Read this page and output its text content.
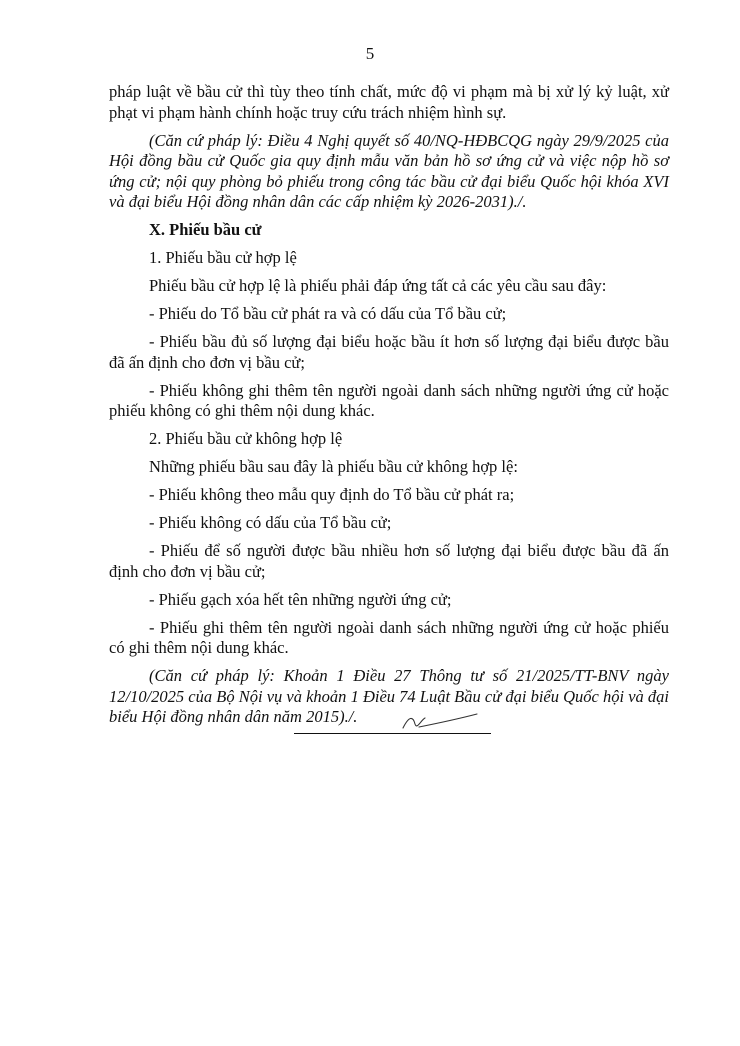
5

pháp luật về bầu cử thì tùy theo tính chất, mức độ vi phạm mà bị xử lý kỷ luật, xử phạt vi phạm hành chính hoặc truy cứu trách nhiệm hình sự.

(Căn cứ pháp lý: Điều 4 Nghị quyết số 40/NQ-HĐBCQG ngày 29/9/2025 của Hội đồng bầu cử Quốc gia quy định mẫu văn bản hồ sơ ứng cử và việc nộp hồ sơ ứng cử; nội quy phòng bỏ phiếu trong công tác bầu cử đại biểu Quốc hội khóa XVI và đại biểu Hội đồng nhân dân các cấp nhiệm kỳ 2026-2031)./.

X. Phiếu bầu cử

1. Phiếu bầu cử hợp lệ

Phiếu bầu cử hợp lệ là phiếu phải đáp ứng tất cả các yêu cầu sau đây:

- Phiếu do Tổ bầu cử phát ra và có dấu của Tổ bầu cử;

- Phiếu bầu đủ số lượng đại biểu hoặc bầu ít hơn số lượng đại biểu được bầu đã ấn định cho đơn vị bầu cử;

- Phiếu không ghi thêm tên người ngoài danh sách những người ứng cử hoặc phiếu không có ghi thêm nội dung khác.

2. Phiếu bầu cử không hợp lệ

Những phiếu bầu sau đây là phiếu bầu cử không hợp lệ:

- Phiếu không theo mẫu quy định do Tổ bầu cử phát ra;

- Phiếu không có dấu của Tổ bầu cử;

- Phiếu để số người được bầu nhiều hơn số lượng đại biểu được bầu đã ấn định cho đơn vị bầu cử;

- Phiếu gạch xóa hết tên những người ứng cử;

- Phiếu ghi thêm tên người ngoài danh sách những người ứng cử hoặc phiếu có ghi thêm nội dung khác.

(Căn cứ pháp lý: Khoản 1 Điều 27 Thông tư số 21/2025/TT-BNV ngày 12/10/2025 của Bộ Nội vụ và khoản 1 Điều 74 Luật Bầu cử đại biểu Quốc hội và đại biểu Hội đồng nhân dân năm 2015)./.
